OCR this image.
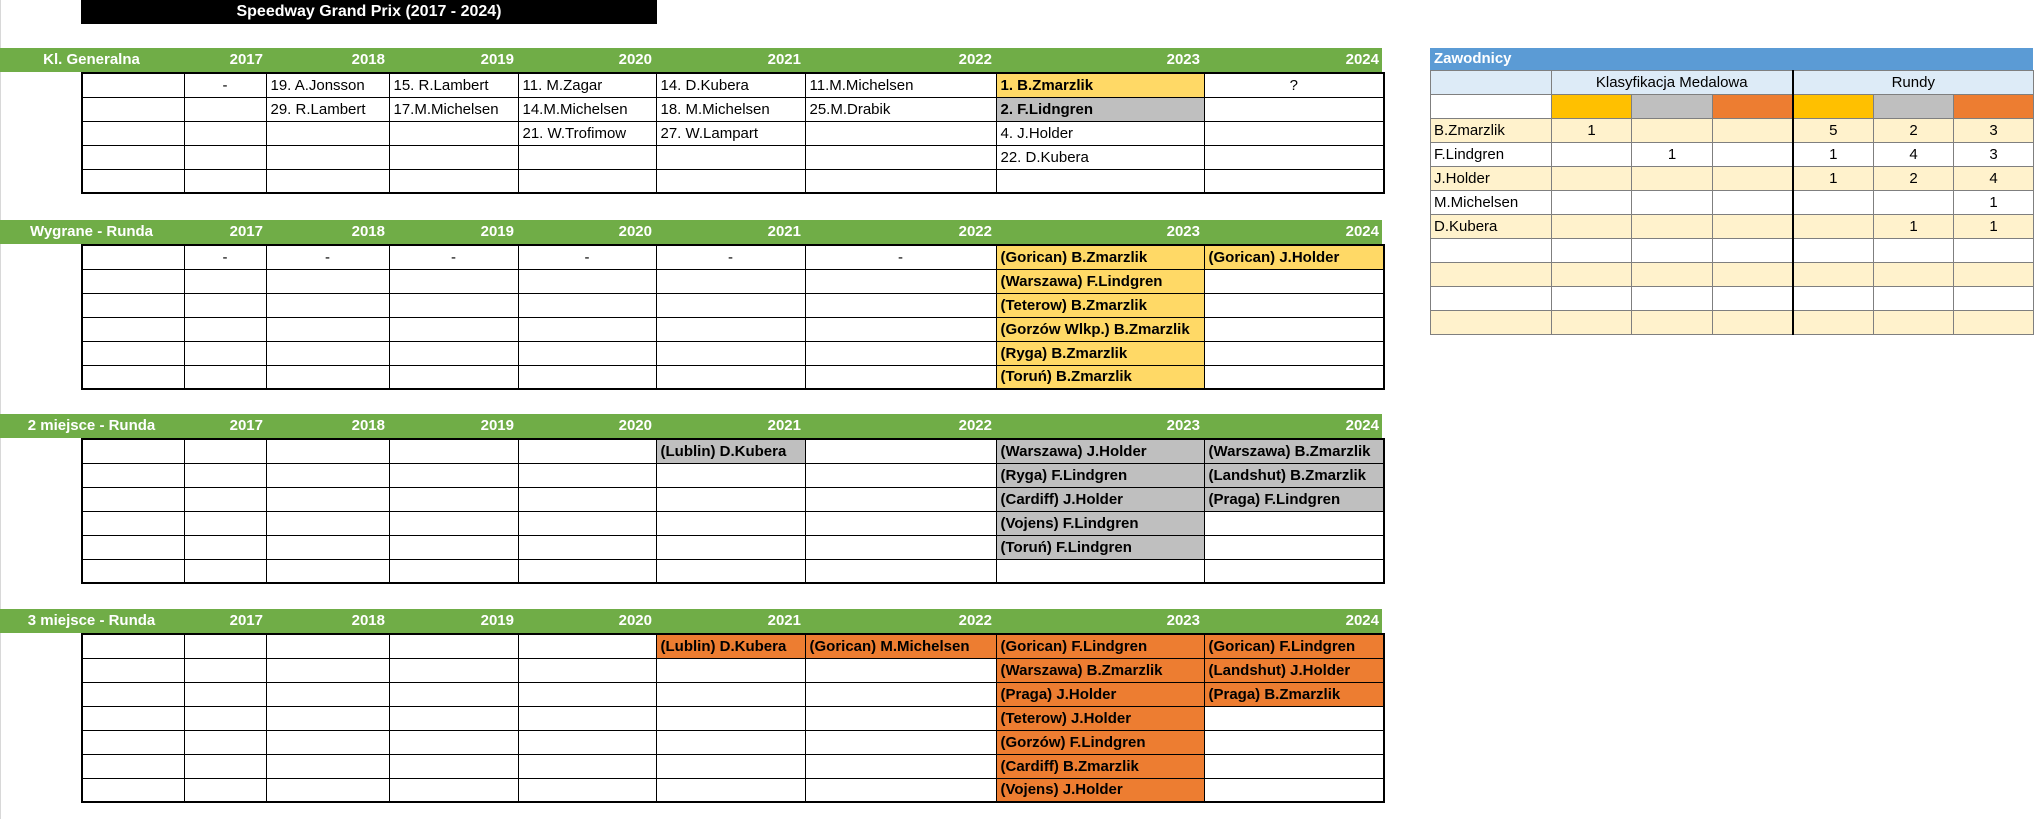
Speedway Grand Prix (2017 - 2024)
Kl. Generalna	2017	2018	2019	2020	2021	2022	2023	2024
	-	19. A.Jonsson	15. R.Lambert	11. M.Zagar	14. D.Kubera	11.M.Michelsen	1. B.Zmarzlik	?
		29. R.Lambert	17.M.Michelsen	14.M.Michelsen	18. M.Michelsen	25.M.Drabik	2. F.Lidngren	
				21. W.Trofimow	27. W.Lampart		4. J.Holder	
							22. D.Kubera	

Wygrane - Runda	2017	2018	2019	2020	2021	2022	2023	2024
	-	-	-	-	-	-	(Gorican) B.Zmarzlik	(Gorican) J.Holder
							(Warszawa) F.Lindgren	
							(Teterow) B.Zmarzlik	
							(Gorzów Wlkp.) B.Zmarzlik	
							(Ryga) B.Zmarzlik	
							(Toruń) B.Zmarzlik	
2 miejsce - Runda	2017	2018	2019	2020	2021	2022	2023	2024
					(Lublin) D.Kubera		(Warszawa) J.Holder	(Warszawa) B.Zmarzlik
							(Ryga) F.Lindgren	(Landshut) B.Zmarzlik
							(Cardiff) J.Holder	(Praga) F.Lindgren
							(Vojens) F.Lindgren	
							(Toruń) F.Lindgren	

3 miejsce - Runda	2017	2018	2019	2020	2021	2022	2023	2024
					(Lublin) D.Kubera	(Gorican) M.Michelsen	(Gorican) F.Lindgren	(Gorican) F.Lindgren
							(Warszawa) B.Zmarzlik	(Landshut) J.Holder
							(Praga) J.Holder	(Praga) B.Zmarzlik
							(Teterow) J.Holder	
							(Gorzów) F.Lindgren	
							(Cardiff) B.Zmarzlik	
							(Vojens) J.Holder	
Zawodnicy
	Klasyfikacja Medalowa			Rundy		

B.Zmarzlik	1			5	2	3
F.Lindgren		1		1	4	3
J.Holder				1	2	4
M.Michelsen						1
D.Kubera					1	1
